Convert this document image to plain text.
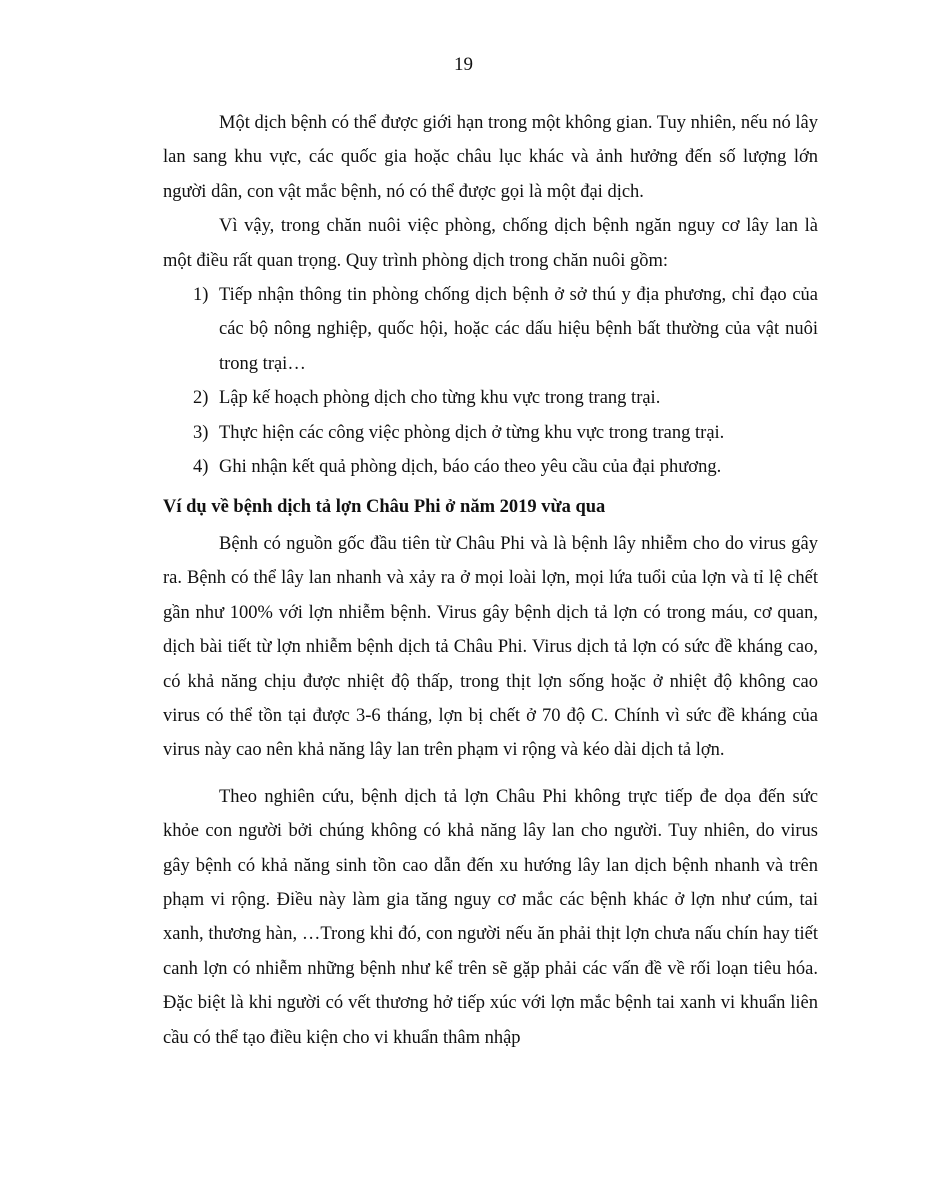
19

Một dịch bệnh có thể được giới hạn trong một không gian. Tuy nhiên, nếu nó lây lan sang khu vực, các quốc gia hoặc châu lục khác và ảnh hưởng đến số lượng lớn người dân, con vật mắc bệnh, nó có thể được gọi là một đại dịch.

Vì vậy, trong chăn nuôi việc phòng, chống dịch bệnh ngăn nguy cơ lây lan là một điều rất quan trọng. Quy trình phòng dịch trong chăn nuôi gồm:

1) Tiếp nhận thông tin phòng chống dịch bệnh ở sở thú y địa phương, chỉ đạo của các bộ nông nghiệp, quốc hội, hoặc các dấu hiệu bệnh bất thường của vật nuôi trong trại…
2) Lập kế hoạch phòng dịch cho từng khu vực trong trang trại.
3) Thực hiện các công việc phòng dịch ở từng khu vực trong trang trại.
4) Ghi nhận kết quả phòng dịch, báo cáo theo yêu cầu của đại phương.

Ví dụ về bệnh dịch tả lợn Châu Phi ở năm 2019 vừa qua

Bệnh có nguồn gốc đầu tiên từ Châu Phi và là bệnh lây nhiễm cho do virus gây ra. Bệnh có thể lây lan nhanh và xảy ra ở mọi loài lợn, mọi lứa tuổi của lợn và tỉ lệ chết gần như 100% với lợn nhiễm bệnh. Virus gây bệnh dịch tả lợn có trong máu, cơ quan, dịch bài tiết từ lợn nhiễm bệnh dịch tả Châu Phi. Virus dịch tả lợn có sức đề kháng cao, có khả năng chịu được nhiệt độ thấp, trong thịt lợn sống hoặc ở nhiệt độ không cao virus có thể tồn tại được 3-6 tháng, lợn bị chết ở 70 độ C. Chính vì sức đề kháng của virus này cao nên khả năng lây lan trên phạm vi rộng và kéo dài dịch tả lợn.

Theo nghiên cứu, bệnh dịch tả lợn Châu Phi không trực tiếp đe dọa đến sức khỏe con người bởi chúng không có khả năng lây lan cho người. Tuy nhiên, do virus gây bệnh có khả năng sinh tồn cao dẫn đến xu hướng lây lan dịch bệnh nhanh và trên phạm vi rộng. Điều này làm gia tăng nguy cơ mắc các bệnh khác ở lợn như cúm, tai xanh, thương hàn, …Trong khi đó, con người nếu ăn phải thịt lợn chưa nấu chín hay tiết canh lợn có nhiễm những bệnh như kể trên sẽ gặp phải các vấn đề về rối loạn tiêu hóa. Đặc biệt là khi người có vết thương hở tiếp xúc với lợn mắc bệnh tai xanh vi khuẩn liên cầu có thể tạo điều kiện cho vi khuẩn thâm nhập
